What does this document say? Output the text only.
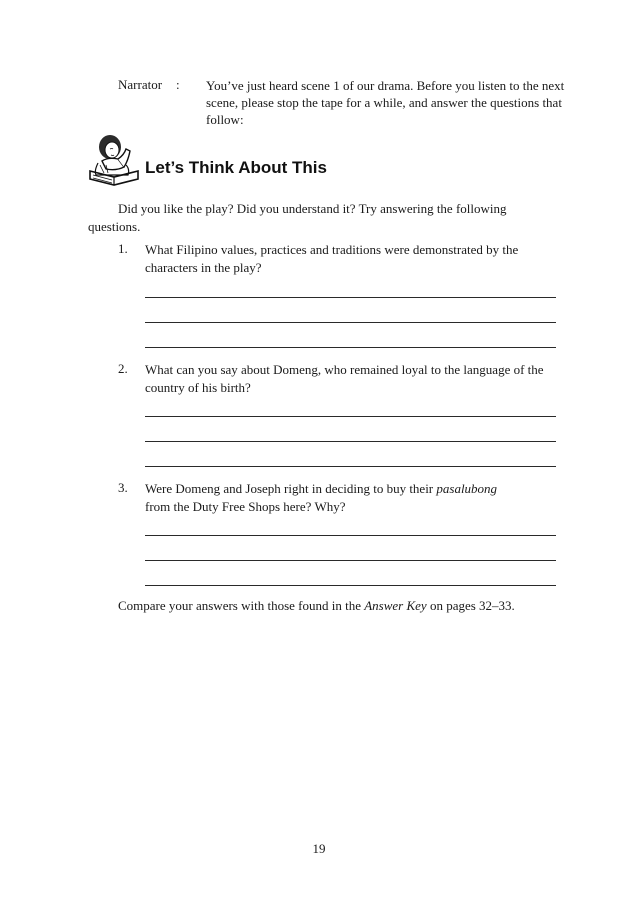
Narrator : You’ve just heard scene 1 of our drama. Before you listen to the next scene, please stop the tape for a while, and answer the questions that follow:
Let’s Think About This
Did you like the play? Did you understand it? Try answering the following questions.
1. What Filipino values, practices and traditions were demonstrated by the characters in the play?
2. What can you say about Domeng, who remained loyal to the language of the country of his birth?
3. Were Domeng and Joseph right in deciding to buy their pasalubong
from the Duty Free Shops here? Why?
Compare your answers with those found in the Answer Key on pages 32–33.
19
